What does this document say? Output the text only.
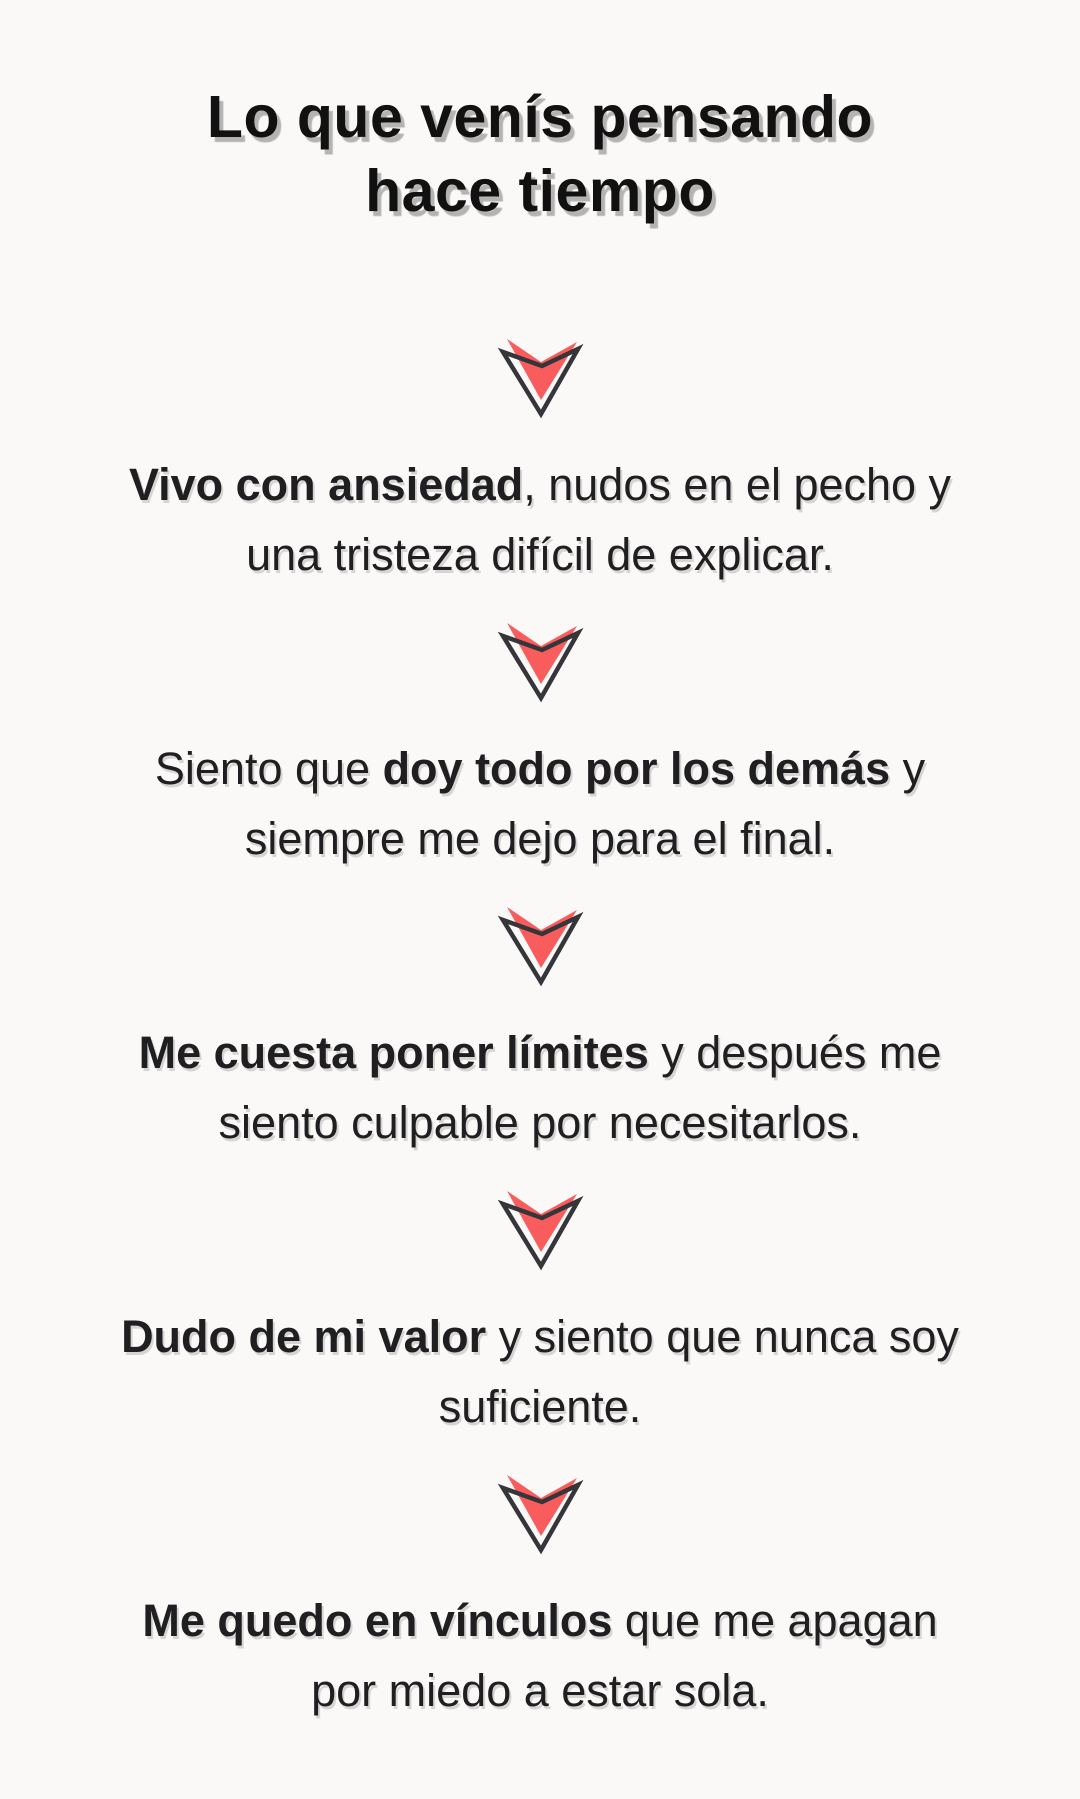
Lo que venís pensando
hace tiempo

Vivo con ansiedad, nudos en el pecho y
una tristeza difícil de explicar.

Siento que doy todo por los demás y
siempre me dejo para el final.

Me cuesta poner límites y después me
siento culpable por necesitarlos.

Dudo de mi valor y siento que nunca soy
suficiente.

Me quedo en vínculos que me apagan
por miedo a estar sola.
